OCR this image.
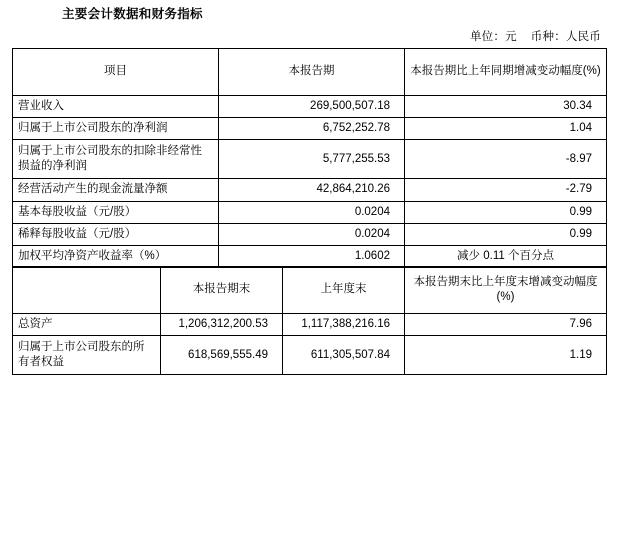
主要会计数据和财务指标
单位：元 币种：人民币
项目	本报告期	本报告期比上年同期增减变动幅度(%)
营业收入	269,500,507.18	30.34
归属于上市公司股东的净利润	6,752,252.78	1.04
归属于上市公司股东的扣除非经常性损益的净利润	5,777,255.53	-8.97
经营活动产生的现金流量净额	42,864,210.26	-2.79
基本每股收益（元/股）	0.0204	0.99
稀释每股收益（元/股）	0.0204	0.99
加权平均净资产收益率（%）	1.0602	减少 0.11 个百分点
	本报告期末	上年度末	本报告期末比上年度末增减变动幅度(%)
总资产	1,206,312,200.53	1,117,388,216.16	7.96
归属于上市公司股东的所有者权益	618,569,555.49	611,305,507.84	1.19
